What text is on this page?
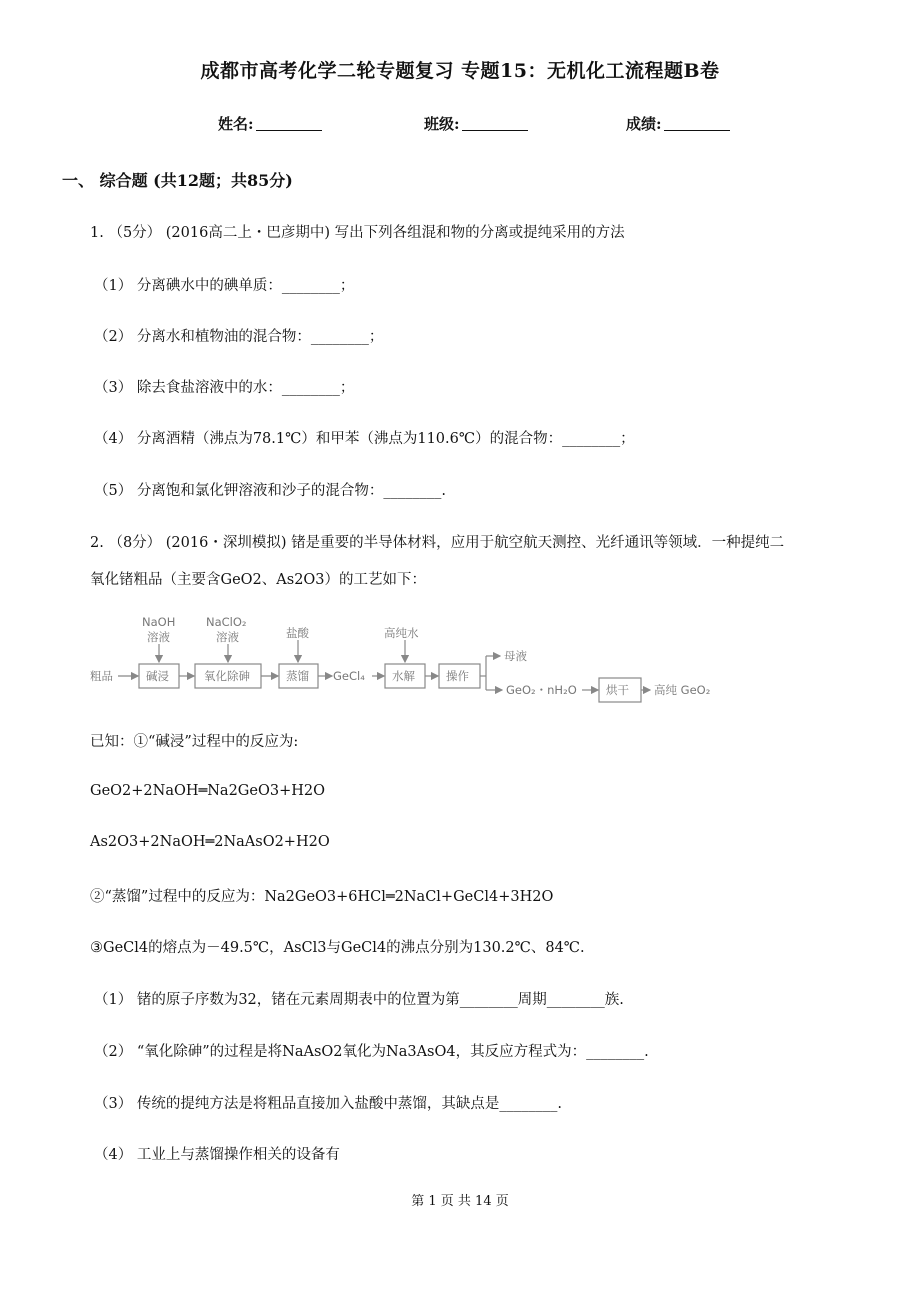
成都市高考化学二轮专题复习 专题15：无机化工流程题B卷
姓名:	班级:	成绩:
一、 综合题 (共12题；共85分)
1. （5分） (2016高二上・巴彦期中) 写出下列各组混和物的分离或提纯采用的方法
（1） 分离碘水中的碘单质：________；
（2） 分离水和植物油的混合物：________；
（3） 除去食盐溶液中的水：________；
（4） 分离酒精（沸点为78.1℃）和甲苯（沸点为110.6℃）的混合物：________；
（5） 分离饱和氯化钾溶液和沙子的混合物：________.
2. （8分） (2016・深圳模拟) 锗是重要的半导体材料，应用于航空航天测控、光纤通讯等领域．一种提纯二
氧化锗粗品（主要含GeO2、As2O3）的工艺如下：
粗品
NaOH
溶液
NaClO₂
溶液	盐酸	高纯水
碱浸	氧化除砷	蒸馏 GeCl₄ 水解	操作
母液
GeO₂・nH₂O	烘干 高纯 GeO₂
已知：①“碱浸”过程中的反应为:
GeO2+2NaOH═Na2GeO3+H2O
As2O3+2NaOH═2NaAsO2+H2O
②“蒸馏”过程中的反应为：Na2GeO3+6HCl═2NaCl+GeCl4+3H2O
③GeCl4的熔点为－49.5℃，AsCl3与GeCl4的沸点分别为130.2℃、84℃.
（1） 锗的原子序数为32，锗在元素周期表中的位置为第________周期________族.
（2） “氧化除砷”的过程是将NaAsO2氧化为Na3AsO4，其反应方程式为：________.
（3） 传统的提纯方法是将粗品直接加入盐酸中蒸馏，其缺点是________.
（4） 工业上与蒸馏操作相关的设备有
第 1 页 共 14 页
